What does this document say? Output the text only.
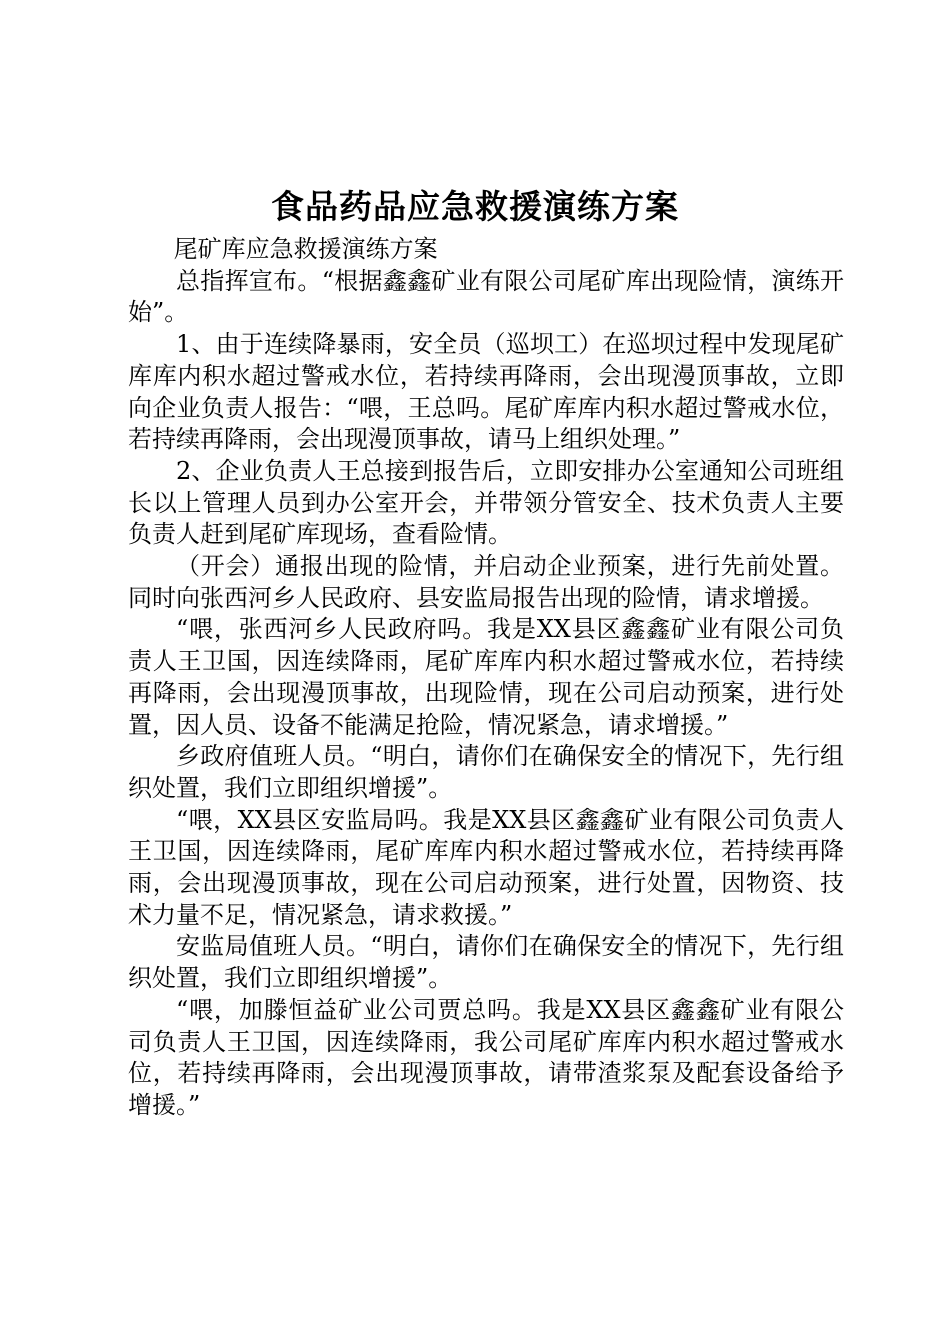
食品药品应急救援演练方案

尾矿库应急救援演练方案

总指挥宣布。“根据鑫鑫矿业有限公司尾矿库出现险情，演练开始”。

1、由于连续降暴雨，安全员（巡坝工）在巡坝过程中发现尾矿库库内积水超过警戒水位，若持续再降雨，会出现漫顶事故，立即向企业负责人报告：“喂，王总吗。尾矿库库内积水超过警戒水位，若持续再降雨，会出现漫顶事故，请马上组织处理。”

2、企业负责人王总接到报告后，立即安排办公室通知公司班组长以上管理人员到办公室开会，并带领分管安全、技术负责人主要负责人赶到尾矿库现场，查看险情。

（开会）通报出现的险情，并启动企业预案，进行先前处置。同时向张西河乡人民政府、县安监局报告出现的险情，请求增援。

“喂，张西河乡人民政府吗。我是XX县区鑫鑫矿业有限公司负责人王卫国，因连续降雨，尾矿库库内积水超过警戒水位，若持续再降雨，会出现漫顶事故，出现险情，现在公司启动预案，进行处置，因人员、设备不能满足抢险，情况紧急，请求增援。”

乡政府值班人员。“明白，请你们在确保安全的情况下，先行组织处置，我们立即组织增援”。

“喂，XX县区安监局吗。我是XX县区鑫鑫矿业有限公司负责人王卫国，因连续降雨，尾矿库库内积水超过警戒水位，若持续再降雨，会出现漫顶事故，现在公司启动预案，进行处置，因物资、技术力量不足，情况紧急，请求救援。”

安监局值班人员。“明白，请你们在确保安全的情况下，先行组织处置，我们立即组织增援”。

“喂，加滕恒益矿业公司贾总吗。我是XX县区鑫鑫矿业有限公司负责人王卫国，因连续降雨，我公司尾矿库库内积水超过警戒水位，若持续再降雨，会出现漫顶事故，请带渣浆泵及配套设备给予增援。”
